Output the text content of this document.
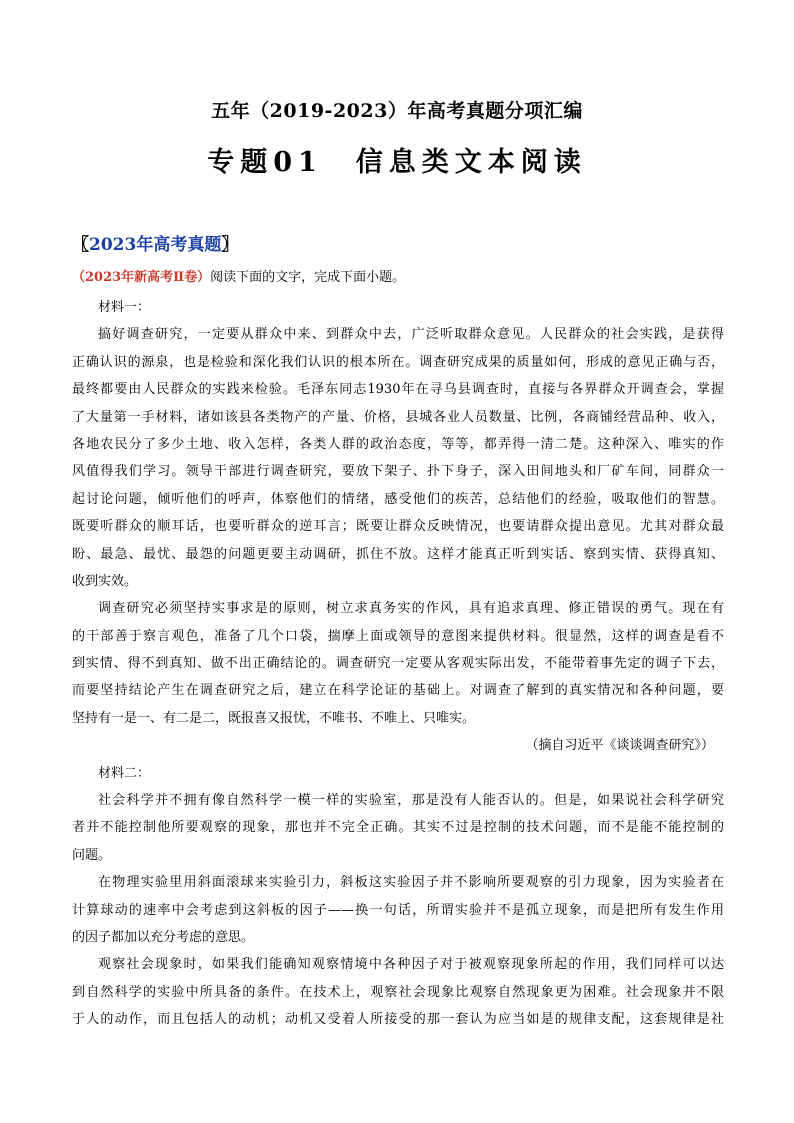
五年（2019-2023）年高考真题分项汇编
专题01　信息类文本阅读
〖2023年高考真题〗
（2023年新高考Ⅱ卷）阅读下面的文字，完成下面小题。
材料一：
搞好调查研究，一定要从群众中来、到群众中去，广泛听取群众意见。人民群众的社会实践，是获得
正确认识的源泉，也是检验和深化我们认识的根本所在。调查研究成果的质量如何，形成的意见正确与否，
最终都要由人民群众的实践来检验。毛泽东同志1930年在寻乌县调查时，直接与各界群众开调查会，掌握
了大量第一手材料，诸如该县各类物产的产量、价格，县城各业人员数量、比例，各商铺经营品种、收入，
各地农民分了多少土地、收入怎样，各类人群的政治态度，等等，都弄得一清二楚。这种深入、唯实的作
风值得我们学习。领导干部进行调查研究，要放下架子、扑下身子，深入田间地头和厂矿车间，同群众一
起讨论问题，倾听他们的呼声，体察他们的情绪，感受他们的疾苦，总结他们的经验，吸取他们的智慧。
既要听群众的顺耳话，也要听群众的逆耳言；既要让群众反映情况，也要请群众提出意见。尤其对群众最
盼、最急、最忧、最怨的问题更要主动调研，抓住不放。这样才能真正听到实话、察到实情、获得真知、
收到实效。
调查研究必须坚持实事求是的原则，树立求真务实的作风，具有追求真理、修正错误的勇气。现在有
的干部善于察言观色，准备了几个口袋，揣摩上面或领导的意图来提供材料。很显然，这样的调查是看不
到实情、得不到真知、做不出正确结论的。调查研究一定要从客观实际出发，不能带着事先定的调子下去，
而要坚持结论产生在调查研究之后，建立在科学论证的基础上。对调查了解到的真实情况和各种问题，要
坚持有一是一、有二是二，既报喜又报忧，不唯书、不唯上、只唯实。
（摘自习近平《谈谈调查研究》）
材料二：
社会科学并不拥有像自然科学一模一样的实验室，那是没有人能否认的。但是，如果说社会科学研究
者并不能控制他所要观察的现象，那也并不完全正确。其实不过是控制的技术问题，而不是能不能控制的
问题。
在物理实验里用斜面滚球来实验引力，斜板这实验因子并不影响所要观察的引力现象，因为实验者在
计算球动的速率中会考虑到这斜板的因子——换一句话，所谓实验并不是孤立现象，而是把所有发生作用
的因子都加以充分考虑的意思。
观察社会现象时，如果我们能确知观察情境中各种因子对于被观察现象所起的作用，我们同样可以达
到自然科学的实验中所具备的条件。在技术上，观察社会现象比观察自然现象更为困难。社会现象并不限
于人的动作，而且包括人的动机；动机又受着人所接受的那一套认为应当如是的规律支配，这套规律是社
